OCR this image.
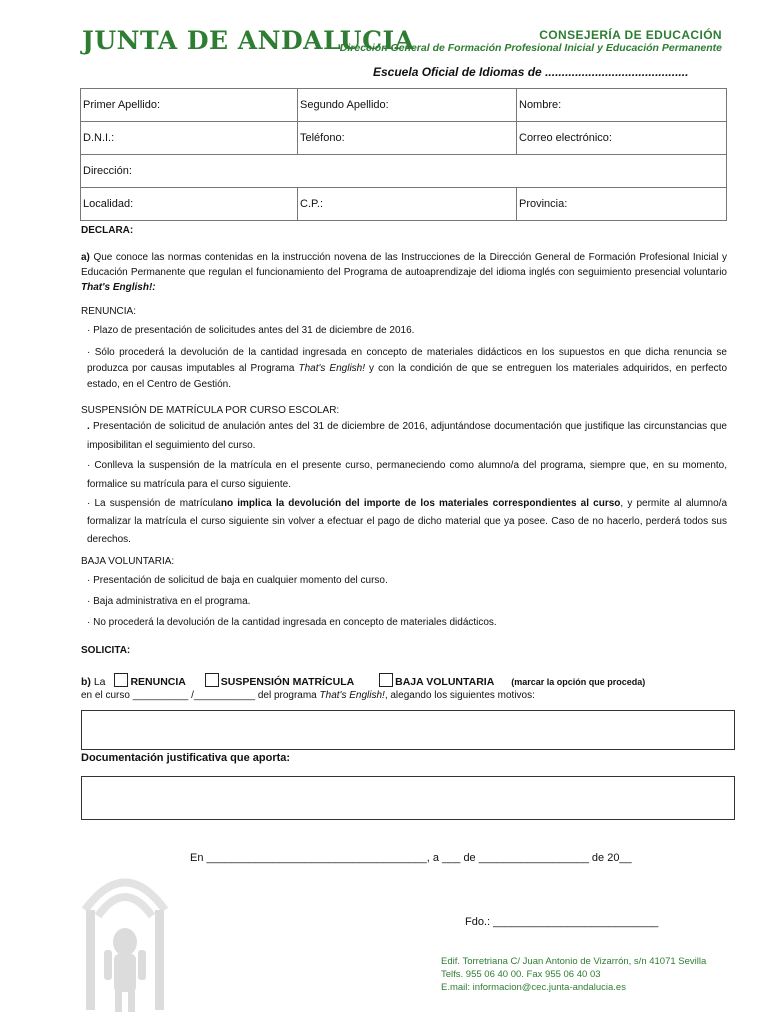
JUNTA DE ANDALUCIA	CONSEJERÍA DE EDUCACIÓN
Dirección General de Formación Profesional Inicial y Educación Permanente
Escuela Oficial de Idiomas de ...........................................
Primer Apellido:	Segundo Apellido:	Nombre:
D.N.I.:	Teléfono:	Correo electrónico:
Dirección:		
Localidad:	C.P.:	Provincia:
DECLARA:
a) Que conoce las normas contenidas en la instrucción novena de las Instrucciones de la Dirección General de Formación Profesional Inicial y Educación Permanente que regulan el funcionamiento del Programa de autoaprendizaje del idioma inglés con seguimiento presencial voluntario That's English!:
RENUNCIA:
· Plazo de presentación de solicitudes antes del 31 de diciembre de 2016.
· Sólo procederá la devolución de la cantidad ingresada en concepto de materiales didácticos en los supuestos en que dicha renuncia se produzca por causas imputables al Programa That's English! y con la condición de que se entreguen los materiales adquiridos, en perfecto estado, en el Centro de Gestión.
SUSPENSIÓN DE MATRÍCULA POR CURSO ESCOLAR:
. Presentación de solicitud de anulación antes del 31 de diciembre de 2016, adjuntándose documentación que justifique las circunstancias que imposibilitan el seguimiento del curso.
· Conlleva la suspensión de la matrícula en el presente curso, permaneciendo como alumno/a del programa, siempre que, en su momento, formalice su matrícula para el curso siguiente.
· La suspensión de matrículano implica la devolución del importe de los materiales correspondientes al curso, y permite al alumno/a formalizar la matrícula el curso siguiente sin volver a efectuar el pago de dicho material que ya posee. Caso de no hacerlo, perderá todos sus derechos.
BAJA VOLUNTARIA:
· Presentación de solicitud de baja en cualquier momento del curso.
· Baja administrativa en el programa.
· No procederá la devolución de la cantidad ingresada en concepto de materiales didácticos.
SOLICITA:
b) La RENUNCIA	SUSPENSIÓN MATRÍCULA	BAJA VOLUNTARIA (marcar la opción que proceda)
en el curso __________ /___________ del programa That's English!, alegando los siguientes motivos:
Documentación justificativa que aporta:
En ____________________________________, a ___ de __________________ de 20__
Fdo.: ___________________________
Edif. Torretriana C/ Juan Antonio de Vizarrón, s/n 41071 Sevilla
Telfs. 955 06 40 00. Fax 955 06 40 03
E.mail: informacion@cec.junta-andalucia.es
